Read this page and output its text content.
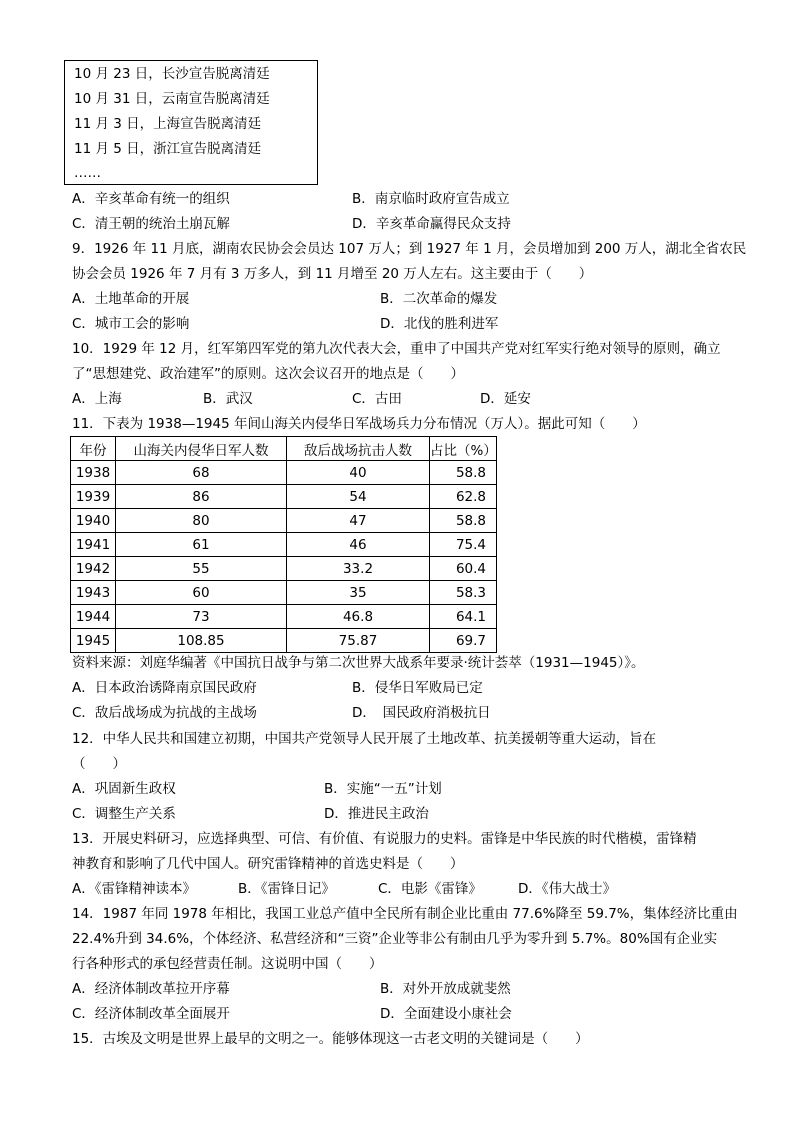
10 月 23 日，长沙宣告脱离清廷
10 月 31 日，云南宣告脱离清廷
11 月 3 日，上海宣告脱离清廷
11 月 5 日，浙江宣告脱离清廷
……
A．辛亥革命有统一的组织	B．南京临时政府宣告成立
C．清王朝的统治土崩瓦解	D．辛亥革命赢得民众支持
9．1926 年 11 月底，湖南农民协会会员达 107 万人；到 1927 年 1 月，会员增加到 200 万人，湖北全省农民
协会会员 1926 年 7 月有 3 万多人，到 11 月增至 20 万人左右。这主要由于（　　）
A．土地革命的开展	B．二次革命的爆发
C．城市工会的影响	D．北伐的胜利进军
10．1929 年 12 月，红军第四军党的第九次代表大会，重申了中国共产党对红军实行绝对领导的原则，确立
了“思想建党、政治建军”的原则。这次会议召开的地点是（　　）
A．上海	B．武汉	C．古田	D．延安
11．下表为 1938—1945 年间山海关内侵华日军战场兵力分布情况（万人）。据此可知（　　）
年份	山海关内侵华日军人数	敌后战场抗击人数	占比（%）
1938	68	40	58.8
1939	86	54	62.8
1940	80	47	58.8
1941	61	46	75.4
1942	55	33.2	60.4
1943	60	35	58.3
1944	73	46.8	64.1
1945	108.85	75.87	69.7
资料来源：刘庭华编著《中国抗日战争与第二次世界大战系年要录·统计荟萃（1931—1945）》。
A．日本政治诱降南京国民政府	B．侵华日军败局已定
C．敌后战场成为抗战的主战场	D．　国民政府消极抗日
12．中华人民共和国建立初期，中国共产党领导人民开展了土地改革、抗美援朝等重大运动，旨在
（　　）
A．巩固新生政权	B．实施“一五”计划
C．调整生产关系	D．推进民主政治
13．开展史料研习，应选择典型、可信、有价值、有说服力的史料。雷锋是中华民族的时代楷模，雷锋精
神教育和影响了几代中国人。研究雷锋精神的首选史料是（　　）
A．《雷锋精神读本》	B．《雷锋日记》	C．电影《雷锋》	D．《伟大战士》
14．1987 年同 1978 年相比，我国工业总产值中全民所有制企业比重由 77.6%降至 59.7%，集体经济比重由
22.4%升到 34.6%，个体经济、私营经济和“三资”企业等非公有制由几乎为零升到 5.7%。80%国有企业实
行各种形式的承包经营责任制。这说明中国（　　）
A．经济体制改革拉开序幕	B．对外开放成就斐然
C．经济体制改革全面展开	D．全面建设小康社会
15．古埃及文明是世界上最早的文明之一。能够体现这一古老文明的关键词是（　　）
